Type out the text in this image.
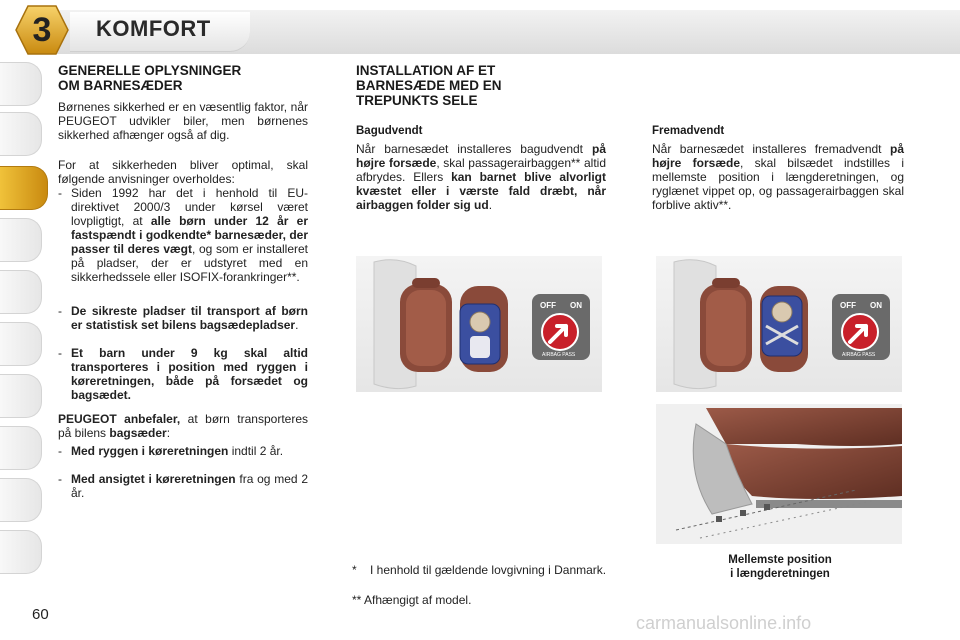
3	KOMFORT
GENERELLE OPLYSNINGER
OM BARNESÆDER
Børnenes sikkerhed er en væsentlig faktor, når PEUGEOT udvikler biler, men børnenes sikkerhed afhænger også af dig.
For at sikkerheden bliver optimal, skal følgende anvisninger overholdes:
- Siden 1992 har det i henhold til EU-direktivet 2000/3 under kørsel været lovpligtigt, at alle børn under 12 år er fastspændt i godkendte* barnesæder, der passer til deres vægt, og som er installeret på pladser, der er udstyret med en sikkerhedssele eller ISOFIX-forankringer**.
- De sikreste pladser til transport af børn er statistisk set bilens bagsædepladser.
- Et barn under 9 kg skal altid transporteres i position med ryggen i køreretningen, både på forsædet og bagsædet.
PEUGEOT anbefaler, at børn transporteres på bilens bagsæder:
- Med ryggen i køreretningen indtil 2 år.
- Med ansigtet i køreretningen fra og med 2 år.
INSTALLATION AF ET
BARNESÆDE MED EN
TREPUNKTS SELE
Bagudvendt
Når barnesædet installeres bagudvendt på højre forsæde, skal passagerairbaggen** altid afbrydes. Ellers kan barnet blive alvorligt kvæstet eller i værste fald dræbt, når airbaggen folder sig ud.
OFF ON
AIRBAG PASS
*	I henhold til gældende lovgivning i Danmark.
** Afhængigt af model.
Fremadvendt
Når barnesædet installeres fremadvendt på højre forsæde, skal bilsædet indstilles i mellemste position i længderetningen, og ryglænet vippet op, og passagerairbaggen skal forblive aktiv**.
OFF ON
AIRBAG PASS
Mellemste position
i længderetningen
60	carmanualsonline.info
